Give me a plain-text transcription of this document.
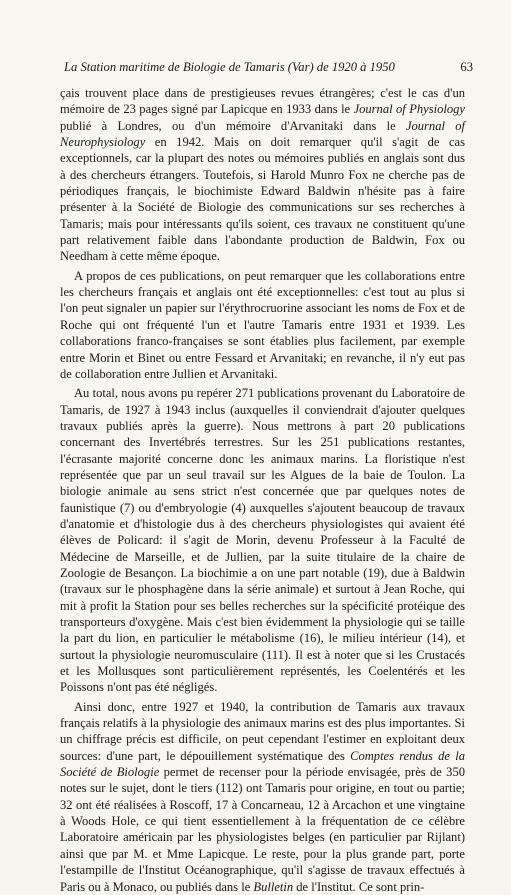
La Station maritime de Biologie de Tamaris (Var) de 1920 à 1950	63

çais trouvent place dans de prestigieuses revues étrangères; c'est le cas d'un mémoire de 23 pages signé par Lapicque en 1933 dans le Journal of Physiology publié à Londres, ou d'un mémoire d'Arvanitaki dans le Journal of Neurophysiology en 1942. Mais on doit remarquer qu'il s'agit de cas exceptionnels, car la plupart des notes ou mémoires publiés en anglais sont dus à des chercheurs étrangers. Toutefois, si Harold Munro Fox ne cherche pas de périodiques français, le biochimiste Edward Baldwin n'hésite pas à faire présenter à la Société de Biologie des communications sur ses recherches à Tamaris; mais pour intéressants qu'ils soient, ces travaux ne constituent qu'une part relativement faible dans l'abondante production de Baldwin, Fox ou Needham à cette même époque.

A propos de ces publications, on peut remarquer que les collaborations entre les chercheurs français et anglais ont été exceptionnelles: c'est tout au plus si l'on peut signaler un papier sur l'érythrocruorine associant les noms de Fox et de Roche qui ont fréquenté l'un et l'autre Tamaris entre 1931 et 1939. Les collaborations franco-françaises se sont établies plus facilement, par exemple entre Morin et Binet ou entre Fessard et Arvanitaki; en revanche, il n'y eut pas de collaboration entre Jullien et Arvanitaki.

Au total, nous avons pu repérer 271 publications provenant du Laboratoire de Tamaris, de 1927 à 1943 inclus (auxquelles il conviendrait d'ajouter quelques travaux publiés après la guerre). Nous mettrons à part 20 publications concernant des Invertébrés terrestres. Sur les 251 publications restantes, l'écrasante majorité concerne donc les animaux marins. La floristique n'est représentée que par un seul travail sur les Algues de la baie de Toulon. La biologie animale au sens strict n'est concernée que par quelques notes de faunistique (7) ou d'embryologie (4) auxquelles s'ajoutent beaucoup de travaux d'anatomie et d'histologie dus à des chercheurs physiologistes qui avaient été élèves de Policard: il s'agit de Morin, devenu Professeur à la Faculté de Médecine de Marseille, et de Jullien, par la suite titulaire de la chaire de Zoologie de Besançon. La biochimie a on une part notable (19), due à Baldwin (travaux sur le phosphagène dans la série animale) et surtout à Jean Roche, qui mit à profit la Station pour ses belles recherches sur la spécificité protéique des transporteurs d'oxygène. Mais c'est bien évidemment la physiologie qui se taille la part du lion, en particulier le métabolisme (16), le milieu intérieur (14), et surtout la physiologie neuromusculaire (111). Il est à noter que si les Crustacés et les Mollusques sont particulièrement représentés, les Coelentérés et les Poissons n'ont pas été négligés.

Ainsi donc, entre 1927 et 1940, la contribution de Tamaris aux travaux français relatifs à la physiologie des animaux marins est des plus importantes. Si un chiffrage précis est difficile, on peut cependant l'estimer en exploitant deux sources: d'une part, le dépouillement systématique des Comptes rendus de la Société de Biologie permet de recenser pour la période envisagée, près de 350 notes sur le sujet, dont le tiers (112) ont Tamaris pour origine, en tout ou partie; 32 ont été réalisées à Roscoff, 17 à Concarneau, 12 à Arcachon et une vingtaine à Woods Hole, ce qui tient essentiellement à la fréquentation de ce célèbre Laboratoire américain par les physiologistes belges (en particulier par Rijlant) ainsi que par M. et Mme Lapicque. Le reste, pour la plus grande part, porte l'estampille de l'Institut Océanographique, qu'il s'agisse de travaux effectués à Paris ou à Monaco, ou publiés dans le Bulletin de l'Institut. Ce sont prin-
